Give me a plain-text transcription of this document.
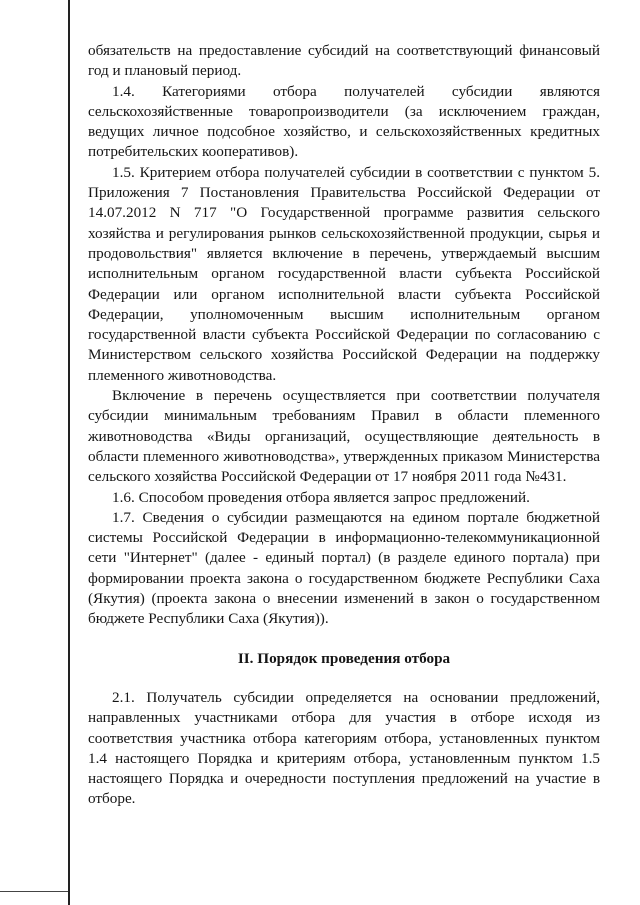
обязательств на предоставление субсидий на соответствующий финансовый год и плановый период.

1.4. Категориями отбора получателей субсидии являются сельскохозяйственные товаропроизводители (за исключением граждан, ведущих личное подсобное хозяйство, и сельскохозяйственных кредитных потребительских кооперативов).

1.5. Критерием отбора получателей субсидии в соответствии с пунктом 5. Приложения 7 Постановления Правительства Российской Федерации от 14.07.2012 N 717 "О Государственной программе развития сельского хозяйства и регулирования рынков сельскохозяйственной продукции, сырья и продовольствия" является включение в перечень, утверждаемый высшим исполнительным органом государственной власти субъекта Российской Федерации или органом исполнительной власти субъекта Российской Федерации, уполномоченным высшим исполнительным органом государственной власти субъекта Российской Федерации по согласованию с Министерством сельского хозяйства Российской Федерации на поддержку племенного животноводства.

Включение в перечень осуществляется при соответствии получателя субсидии минимальным требованиям Правил в области племенного животноводства «Виды организаций, осуществляющие деятельность в области племенного животноводства», утвержденных приказом Министерства сельского хозяйства Российской Федерации от 17 ноября 2011 года №431.

1.6. Способом проведения отбора является запрос предложений.

1.7. Сведения о субсидии размещаются на едином портале бюджетной системы Российской Федерации в информационно-телекоммуникационной сети "Интернет" (далее - единый портал) (в разделе единого портала) при формировании проекта закона о государственном бюджете Республики Саха (Якутия) (проекта закона о внесении изменений в закон о государственном бюджете Республики Саха (Якутия)).

II. Порядок проведения отбора

2.1. Получатель субсидии определяется на основании предложений, направленных участниками отбора для участия в отборе исходя из соответствия участника отбора категориям отбора, установленных пунктом 1.4 настоящего Порядка и критериям отбора, установленным пунктом 1.5 настоящего Порядка и очередности поступления предложений на участие в отборе.
